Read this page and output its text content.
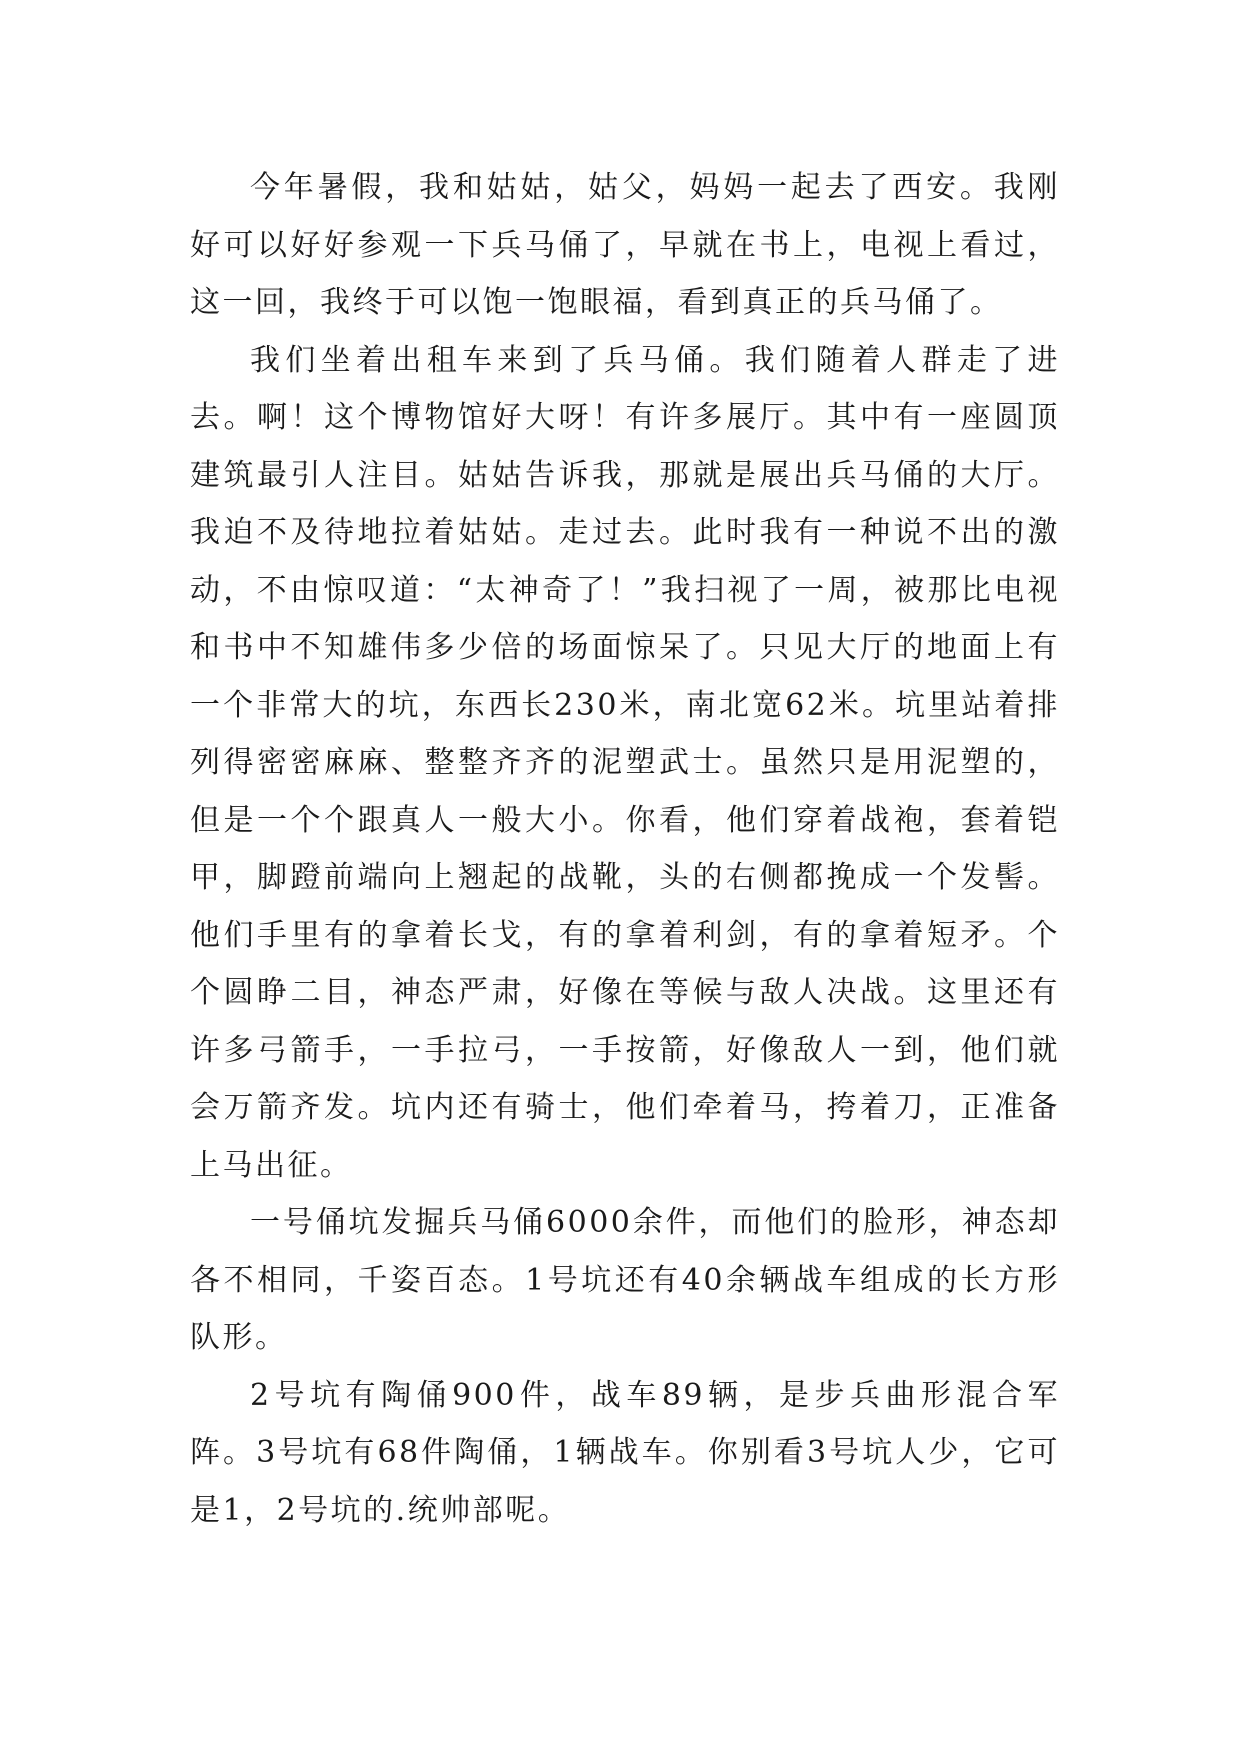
今年暑假，我和姑姑，姑父，妈妈一起去了西安。我刚好可以好好参观一下兵马俑了，早就在书上，电视上看过，这一回，我终于可以饱一饱眼福，看到真正的兵马俑了。

我们坐着出租车来到了兵马俑。我们随着人群走了进去。啊！这个博物馆好大呀！有许多展厅。其中有一座圆顶建筑最引人注目。姑姑告诉我，那就是展出兵马俑的大厅。我迫不及待地拉着姑姑。走过去。此时我有一种说不出的激动，不由惊叹道：“太神奇了！”我扫视了一周，被那比电视和书中不知雄伟多少倍的场面惊呆了。只见大厅的地面上有一个非常大的坑，东西长230米，南北宽62米。坑里站着排列得密密麻麻、整整齐齐的泥塑武士。虽然只是用泥塑的，但是一个个跟真人一般大小。你看，他们穿着战袍，套着铠甲，脚蹬前端向上翘起的战靴，头的右侧都挽成一个发髻。他们手里有的拿着长戈，有的拿着利剑，有的拿着短矛。个个圆睁二目，神态严肃，好像在等候与敌人决战。这里还有许多弓箭手，一手拉弓，一手按箭，好像敌人一到，他们就会万箭齐发。坑内还有骑士，他们牵着马，挎着刀，正准备上马出征。

一号俑坑发掘兵马俑6000余件，而他们的脸形，神态却各不相同，千姿百态。1号坑还有40余辆战车组成的长方形队形。

2号坑有陶俑900件，战车89辆，是步兵曲形混合军阵。3号坑有68件陶俑，1辆战车。你别看3号坑人少，它可是1，2号坑的.统帅部呢。
